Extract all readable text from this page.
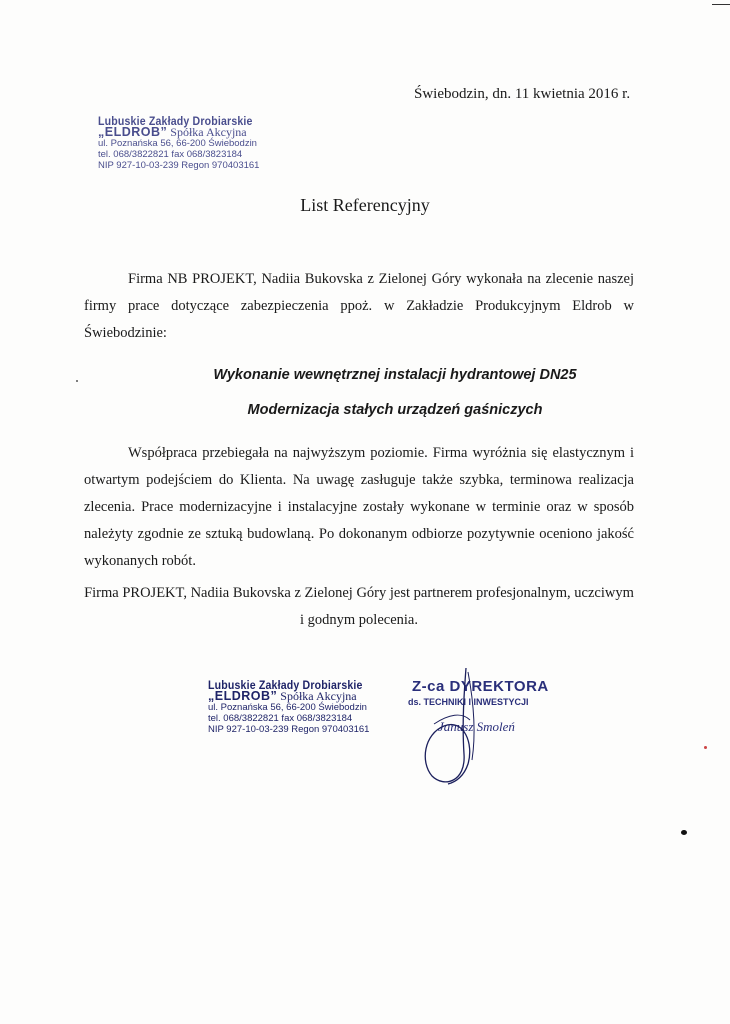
Świebodzin, dn. 11 kwietnia 2016 r.
Lubuskie Zakłady Drobiarskie
„ELDROB” Spółka Akcyjna
ul. Poznańska 56, 66-200 Świebodzin
tel. 068/3822821 fax 068/3823184
NIP 927-10-03-239 Regon 970403161
List Referencyjny
Firma NB PROJEKT, Nadiia Bukovska z Zielonej Góry wykonała na zlecenie naszej firmy prace dotyczące zabezpieczenia ppoż. w Zakładzie Produkcyjnym Eldrob w Świebodzinie:
Wykonanie wewnętrznej instalacji hydrantowej DN25
Modernizacja stałych urządzeń gaśniczych
Współpraca przebiegała na najwyższym poziomie. Firma wyróżnia się elastycznym i otwartym podejściem do Klienta. Na uwagę zasługuje także szybka, terminowa realizacja zlecenia. Prace modernizacyjne i instalacyjne zostały wykonane w terminie oraz w sposób należyty zgodnie ze sztuką budowlaną. Po dokonanym odbiorze pozytywnie oceniono jakość wykonanych robót.
Firma PROJEKT, Nadiia Bukovska z Zielonej Góry jest partnerem profesjonalnym, uczciwym i godnym polecenia.
Lubuskie Zakłady Drobiarskie
„ELDROB” Spółka Akcyjna
ul. Poznańska 56, 66-200 Świebodzin
tel. 068/3822821 fax 068/3823184
NIP 927-10-03-239 Regon 970403161
Z-ca DYREKTORA
ds. TECHNIKI I INWESTYCJI
Janusz Smoleń
